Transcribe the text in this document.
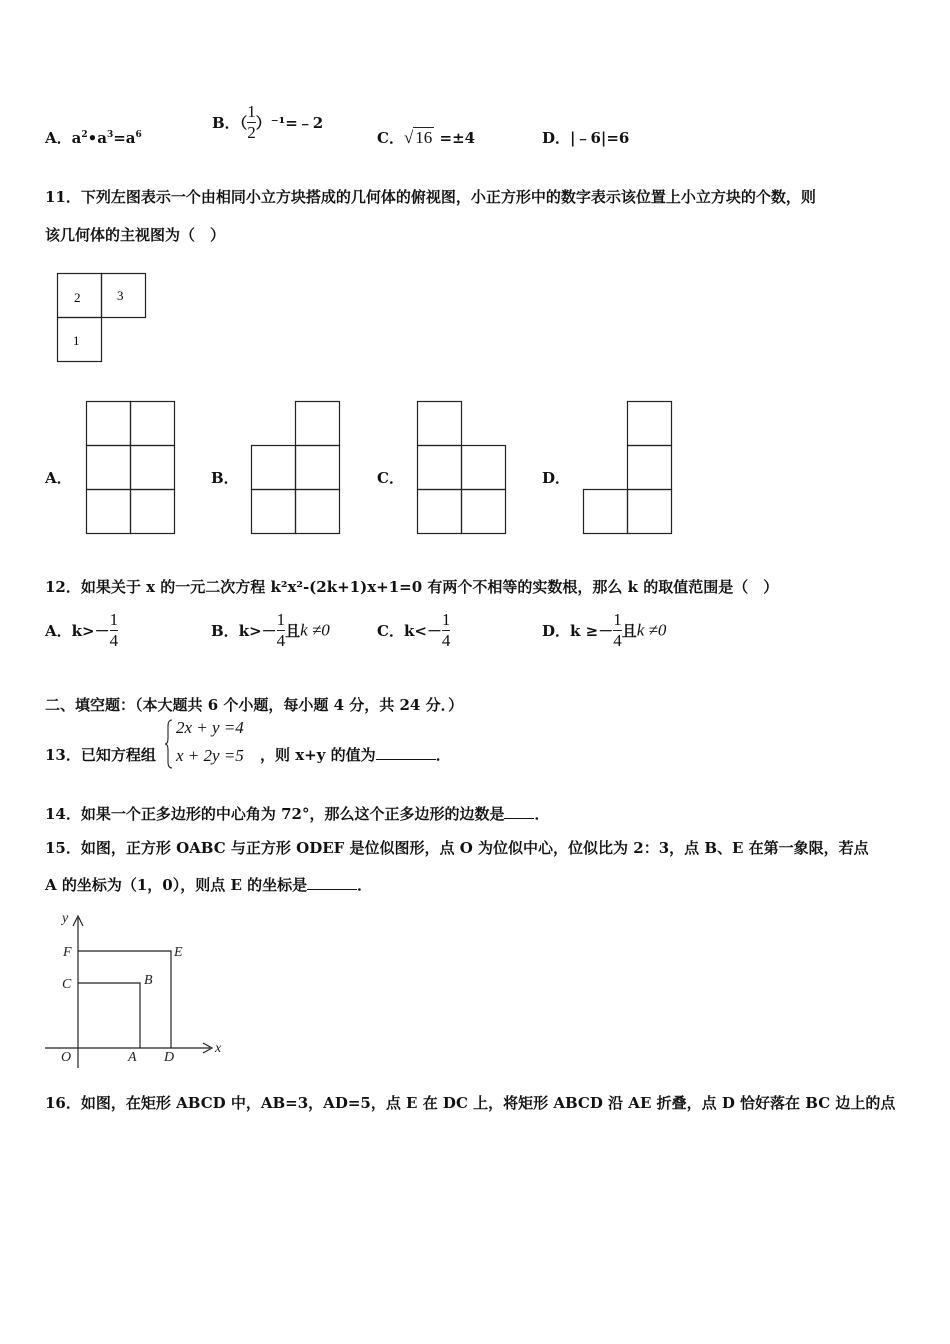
A．$a^2•a^3=a^6$
B．（ $\frac{1}{2}$ ）⁻¹=﹣2
C．√ 16 =±4	D．|﹣6|=6
11．下列左图表示一个由相同小立方块搭成的几何体的俯视图，小正方形中的数字表示该位置上小立方块的个数，则
该几何体的主视图为（　）
2	3
1
A．	B．	C．	D．
12．如果关于 x 的一元二次方程 k²x²-(2k+1)x+1=0 有两个不相等的实数根，那么 k 的取值范围是（　）
A．$k>- \frac{1}{4}$	B．$k>- \frac{1}{4}$ 且k ≠0	C．$k<- \frac{1}{4}$	D．$k \ge- \frac{1}{4}$ 且k ≠0
二、填空题：（本大题共 6 个小题，每小题 4 分，共 24 分．）
13．已知方程组
2x + y =4
x + 2y =5 ，则 x+y 的值为	．
14．如果一个正多边形的中心角为 72°，那么这个正多边形的边数是 ．
15．如图，正方形 OABC 与正方形 ODEF 是位似图形，点 O 为位似中心，位似比为 2：3，点 B、E 在第一象限，若点
A 的坐标为（1，0），则点 E 的坐标是	．
y
x
O	A
B
C
D
E
F
16．如图，在矩形 ABCD 中，AB=3，AD=5，点 E 在 DC 上，将矩形 ABCD 沿 AE 折叠，点 D 恰好落在 BC 边上的点
